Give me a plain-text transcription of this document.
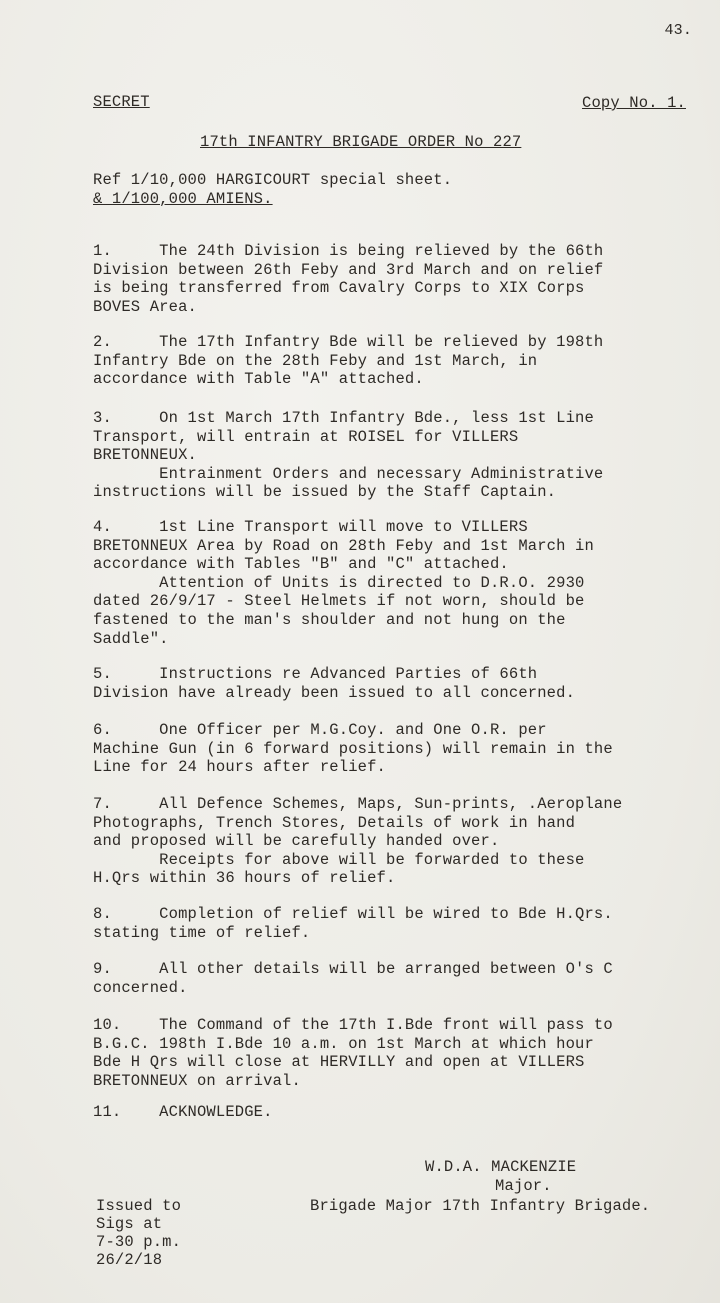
43.
SECRET	Copy No. 1.
17th INFANTRY BRIGADE ORDER No 227
Ref 1/10,000 HARGICOURT special sheet.
& 1/100,000 AMIENS.
1.     The 24th Division is being relieved by the 66th
Division between 26th Feby and 3rd March and on relief
is being transferred from Cavalry Corps to XIX Corps
BOVES Area.
2.     The 17th Infantry Bde will be relieved by 198th
Infantry Bde on the 28th Feby and 1st March, in
accordance with Table "A" attached.
3.     On 1st March 17th Infantry Bde., less 1st Line
Transport, will entrain at ROISEL for VILLERS
BRETONNEUX.
Entrainment Orders and necessary Administrative
instructions will be issued by the Staff Captain.
4.     1st Line Transport will move to VILLERS
BRETONNEUX Area by Road on 28th Feby and 1st March in
accordance with Tables "B" and "C" attached.
Attention of Units is directed to D.R.O. 2930
dated 26/9/17 - Steel Helmets if not worn, should be
fastened to the man's shoulder and not hung on the
Saddle".
5.     Instructions re Advanced Parties of 66th
Division have already been issued to all concerned.
6.     One Officer per M.G.Coy. and One O.R. per
Machine Gun (in 6 forward positions) will remain in the
Line for 24 hours after relief.
7.     All Defence Schemes, Maps, Sun-prints, .Aeroplane
Photographs, Trench Stores, Details of work in hand
and proposed will be carefully handed over.
Receipts for above will be forwarded to these
H.Qrs within 36 hours of relief.
8.     Completion of relief will be wired to Bde H.Qrs.
stating time of relief.
9.     All other details will be arranged between O's C
concerned.
10.    The Command of the 17th I.Bde front will pass to
B.G.C. 198th I.Bde 10 a.m. on 1st March at which hour
Bde H Qrs will close at HERVILLY and open at VILLERS
BRETONNEUX on arrival.
11.    ACKNOWLEDGE.
W.D.A. MACKENZIE
Major.
Brigade Major 17th Infantry Brigade.
Issued to
Sigs at
7-30 p.m.
26/2/18
